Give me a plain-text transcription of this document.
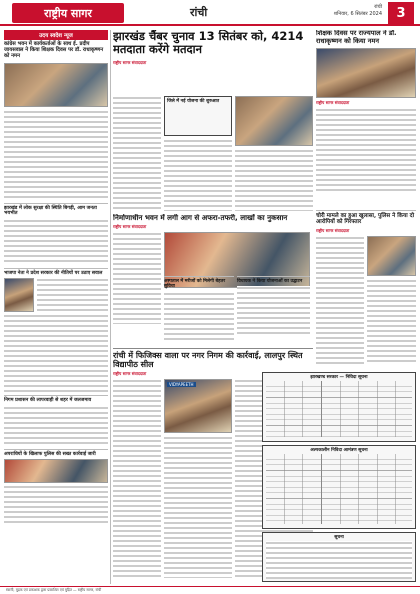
राष्ट्रीय सागर	रांची	रांची
शनिवार, 6 सितंबर 2024	3
उदय स्वदेश न्यूज
कांग्रेस भवन में कार्यकर्ताओं के साथ ई. प्रदीप जायसवाल ने किया शिक्षक दिवस पर डॉ. राधाकृष्णन को नमन
झारखंड में लोक सुरक्षा की स्थिति बिगड़ी, आम जनता भयभीत
भाजपा नेता ने प्रदेश सरकार की नीतियों पर उठाए सवाल
निगम प्रशासन की लापरवाही से शहर में जलजमाव
अपराधियों के खिलाफ पुलिस की सख्त कार्रवाई जारी
झारखंड चैंबर चुनाव 13 सितंबर को, 4214 मतदाता करेंगे मतदान
राष्ट्रीय सागर संवाददाता
शिक्षक दिवस पर राज्यपाल ने डॉ. राधाकृष्णन को किया नमन
राष्ट्रीय सागर संवाददाता
जिले में नई योजना की शुरुआत
निर्माणाधीन भवन में लगी आग से अफरा-तफरी, लाखों का नुकसान
राष्ट्रीय सागर संवाददाता
चोरी मामले का हुआ खुलासा, पुलिस ने किया दो आरोपियों को गिरफ्तार
राष्ट्रीय सागर संवाददाता
अस्पताल में मरीजों को मिलेगी बेहतर सुविधा
विधायक ने किया योजनाओं का उद्घाटन
रांची में फिजिक्स वाला पर नगर निगम की कार्रवाई, लालपुर स्थित विद्यापीठ सील
राष्ट्रीय सागर संवाददाता
VIDYAPEETH
झारखण्ड सरकार — निविदा सूचना
अल्पकालीन निविदा आमंत्रण सूचना
सूचना
स्वामी, मुद्रक एवं प्रकाशक द्वारा प्रकाशित एवं मुद्रित — राष्ट्रीय सागर, रांची
